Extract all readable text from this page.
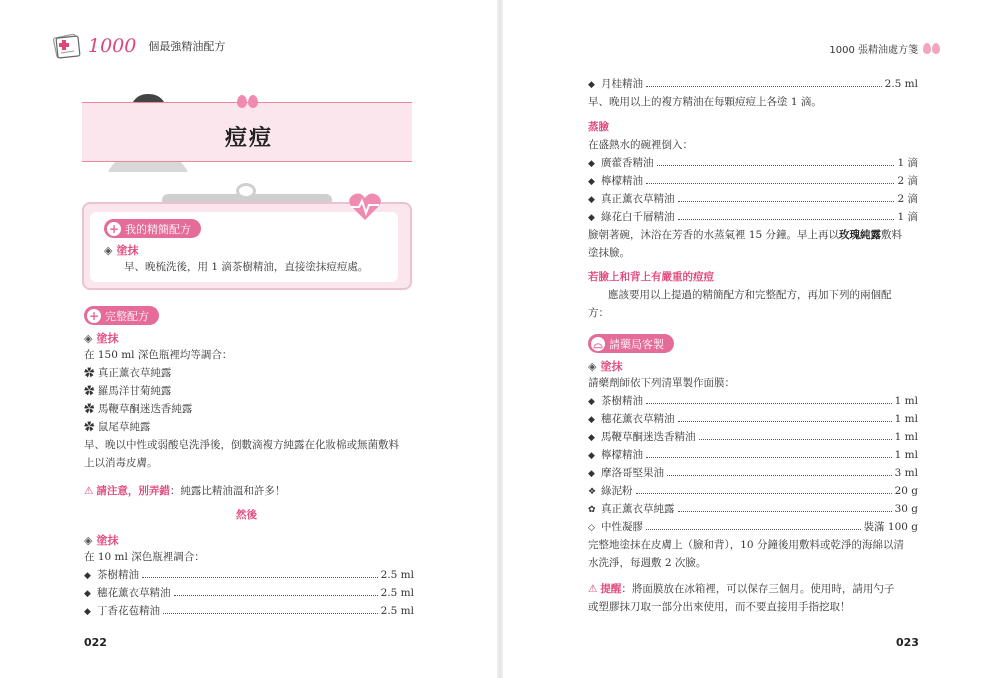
1000 個最強精油配方
痘痘
+ 我的精簡配方
◈ 塗抹
早、晚梳洗後，用 1 滴茶樹精油，直接塗抹痘痘處。
+ 完整配方
◈ 塗抹
在 150 ml 深色瓶裡均等調合：
✿ 真正薰衣草純露
✿ 羅馬洋甘菊純露
✿ 馬鞭草酮迷迭香純露
✿ 鼠尾草純露
早、晚以中性或弱酸皂洗淨後，倒數滴複方純露在化妝棉或無菌敷料
上以消毒皮膚。
⚠ 請注意，別弄錯：純露比精油溫和許多！
然後
◈ 塗抹
在 10 ml 深色瓶裡調合：
◆ 茶樹精油	2.5 ml
◆ 穗花薰衣草精油	2.5 ml
◆ 丁香花苞精油	2.5 ml
022
1000 張精油處方箋
◆ 月桂精油	2.5 ml
早、晚用以上的複方精油在每顆痘痘上各塗 1 滴。
蒸臉
在盛熱水的碗裡倒入：
◆ 廣藿香精油	1 滴
◆ 檸檬精油	2 滴
◆ 真正薰衣草精油	2 滴
◆ 綠花白千層精油	1 滴
臉朝著碗，沐浴在芳香的水蒸氣裡 15 分鐘。早上再以玫瑰純露敷料
塗抹臉。
若臉上和背上有嚴重的痘痘
應該要用以上提過的精簡配方和完整配方，再加下列的兩個配
方：
⌓ 請藥局客製
◈ 塗抹
請藥劑師依下列清單製作面膜：
◆ 茶樹精油	1 ml
◆ 穗花薰衣草精油	1 ml
◆ 馬鞭草酮迷迭香精油	1 ml
◆ 檸檬精油	1 ml
◆ 摩洛哥堅果油	3 ml
❖ 綠泥粉	20 g
✿ 真正薰衣草純露	30 g
◇ 中性凝膠	裝滿 100 g
完整地塗抹在皮膚上（臉和背），10 分鐘後用敷料或乾淨的海綿以清
水洗淨，每週敷 2 次臉。
⚠ 提醒：將面膜放在冰箱裡，可以保存三個月。使用時，請用勺子
或塑膠抹刀取一部分出來使用，而不要直接用手指挖取！
023
